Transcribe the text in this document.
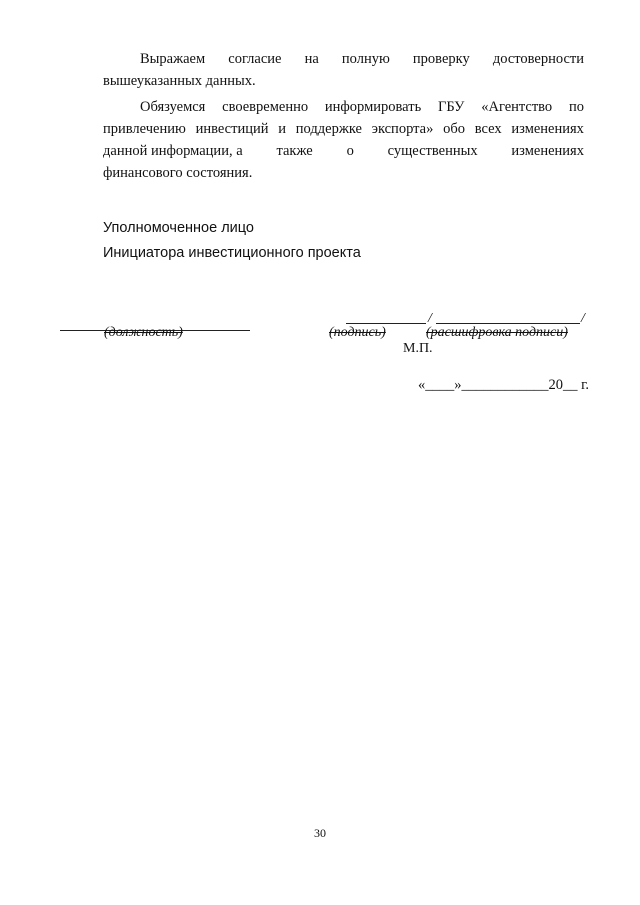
Выражаем согласие на полную проверку достоверности
вышеуказанных данных.
Обязуемся своевременно информировать ГБУ «Агентство по
привлечению инвестиций и поддержке экспорта» обо всех изменениях
данной информации, а также о существенных изменениях
финансового состояния.
Уполномоченное лицо
Инициатора инвестиционного проекта
(должность)
/	/
(подпись)	(расшифровка подписи)
М.П.
«____»____________20__ г.
30
